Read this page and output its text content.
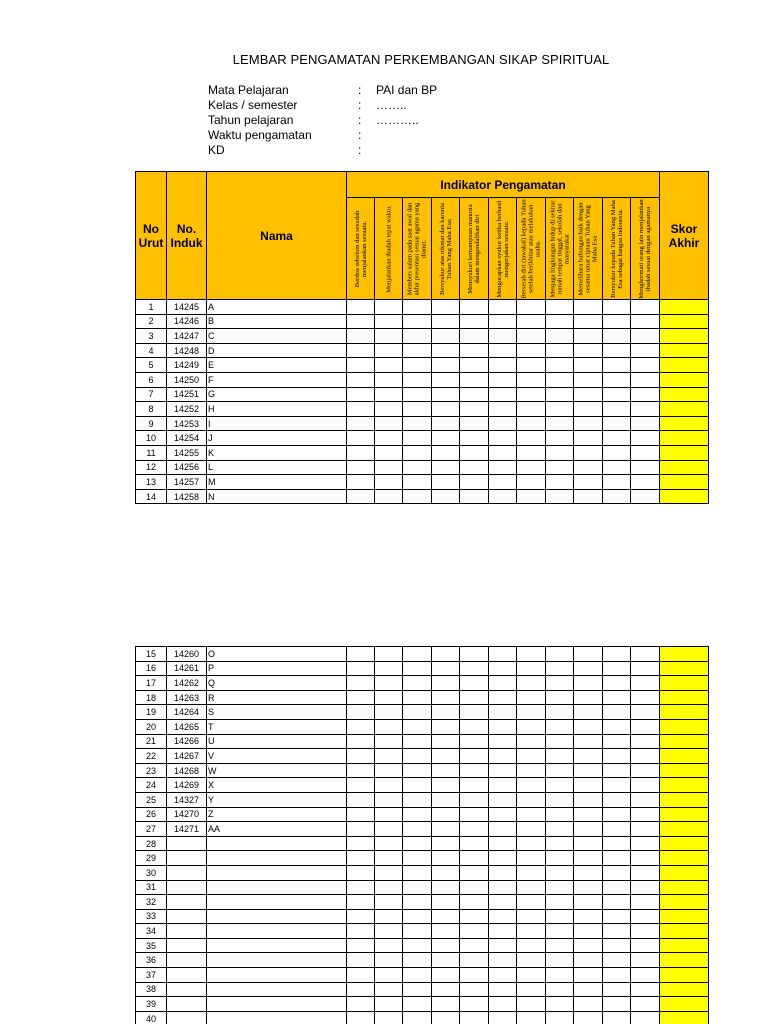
LEMBAR PENGAMATAN PERKEMBANGAN SIKAP SPIRITUAL
Mata Pelajaran	:	PAI dan BP
Kelas / semester	:	……..
Tahun pelajaran	:	………..
Waktu pengamatan	:
KD	:
No Urut	No. Induk	Nama	Indikator Pengamatan											Skor Akhir

			Berdoa sebelum dan sesudah menjalankan sesuatu.	Menjalankan ibadah tepat waktu.	Memberi salam pada saat awal dan akhir presentasi sesuai agama yang dianut.	Bersyukur atas nikmat dan karunia Tuhan Yang Maha Esa;	Mensyukuri kemampuan manusia dalam mengendalikan diri	Mengucapkan syukur ketika berhasil mengerjakan sesuatu.	Berserah diri (tawakal) kepada Tuhan setelah berikhtiar atau melakukan usaha.	Menjaga lingkungan hidup di sekitar rumah tempat tinggal, sekolah dan masyarakat	Memelihara hubungan baik dengan sesama umat ciptaan Tuhan Yang Maha Esa	Bersyukur kepada Tuhan Yang Maha Esa sebagai bangsa Indonesia.	Menghormati orang lain menjalankan ibadah sesuai dengan agamanya	
1	14245	A												
2	14246	B												
3	14247	C												
4	14248	D												
5	14249	E												
6	14250	F												
7	14251	G												
8	14252	H												
9	14253	I												
10	14254	J												
11	14255	K												
12	14256	L												
13	14257	M												
14	14258	N												
15	14260	O												
16	14261	P												
17	14262	Q												
18	14263	R												
19	14264	S												
20	14265	T												
21	14266	U												
22	14267	V												
23	14268	W												
24	14269	X												
25	14327	Y												
26	14270	Z												
27	14271	AA												
28														
29														
30														
31														
32														
33														
34														
35														
36														
37														
38														
39														
40														
